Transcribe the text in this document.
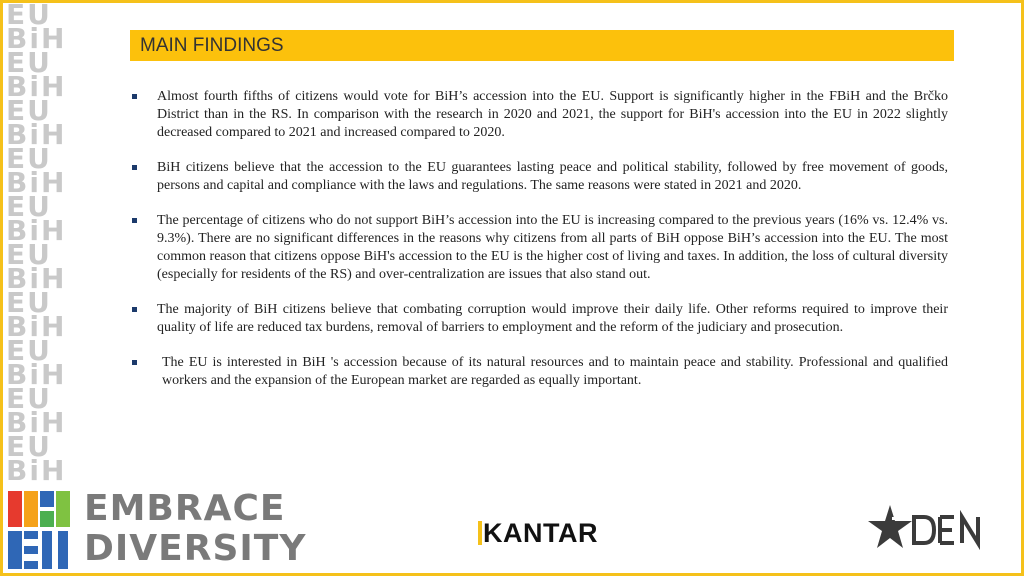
EU
BiH
EU
BiH
EU
BiH
EU
BiH
EU
BiH
EU
BiH
EU
BiH
EU
BiH
EU
BiH
EU
BiH
MAIN FINDINGS
Almost fourth fifths of citizens would vote for BiH’s accession into the EU. Support is significantly higher in the FBiH and the Brčko District than in the RS. In comparison with the research in 2020 and 2021, the support for BiH's accession into the EU in 2022 slightly decreased compared to 2021 and increased compared to 2020.
BiH citizens believe that the accession to the EU guarantees lasting peace and political stability, followed by free movement of goods, persons and capital and compliance with the laws and regulations. The same reasons were stated in 2021 and 2020.
The percentage of citizens who do not support BiH’s accession into the EU is increasing compared to the previous years (16% vs. 12.4% vs. 9.3%). There are no significant differences in the reasons why citizens from all parts of BiH oppose BiH’s accession into the EU. The most common reason that citizens oppose BiH's accession to the EU is the higher cost of living and taxes. In addition, the loss of cultural diversity (especially for residents of the RS) and over-centralization are issues that also stand out.
The majority of BiH citizens believe that combating corruption would improve their daily life. Other reforms required to improve their quality of life are reduced tax burdens, removal of barriers to employment and the reform of the judiciary and prosecution.
The EU is interested in BiH 's accession because of its natural resources and to maintain peace and stability. Professional and qualified workers and the expansion of the European market are regarded as equally important.
EMBRACE
DIVERSITY	KANTAR
